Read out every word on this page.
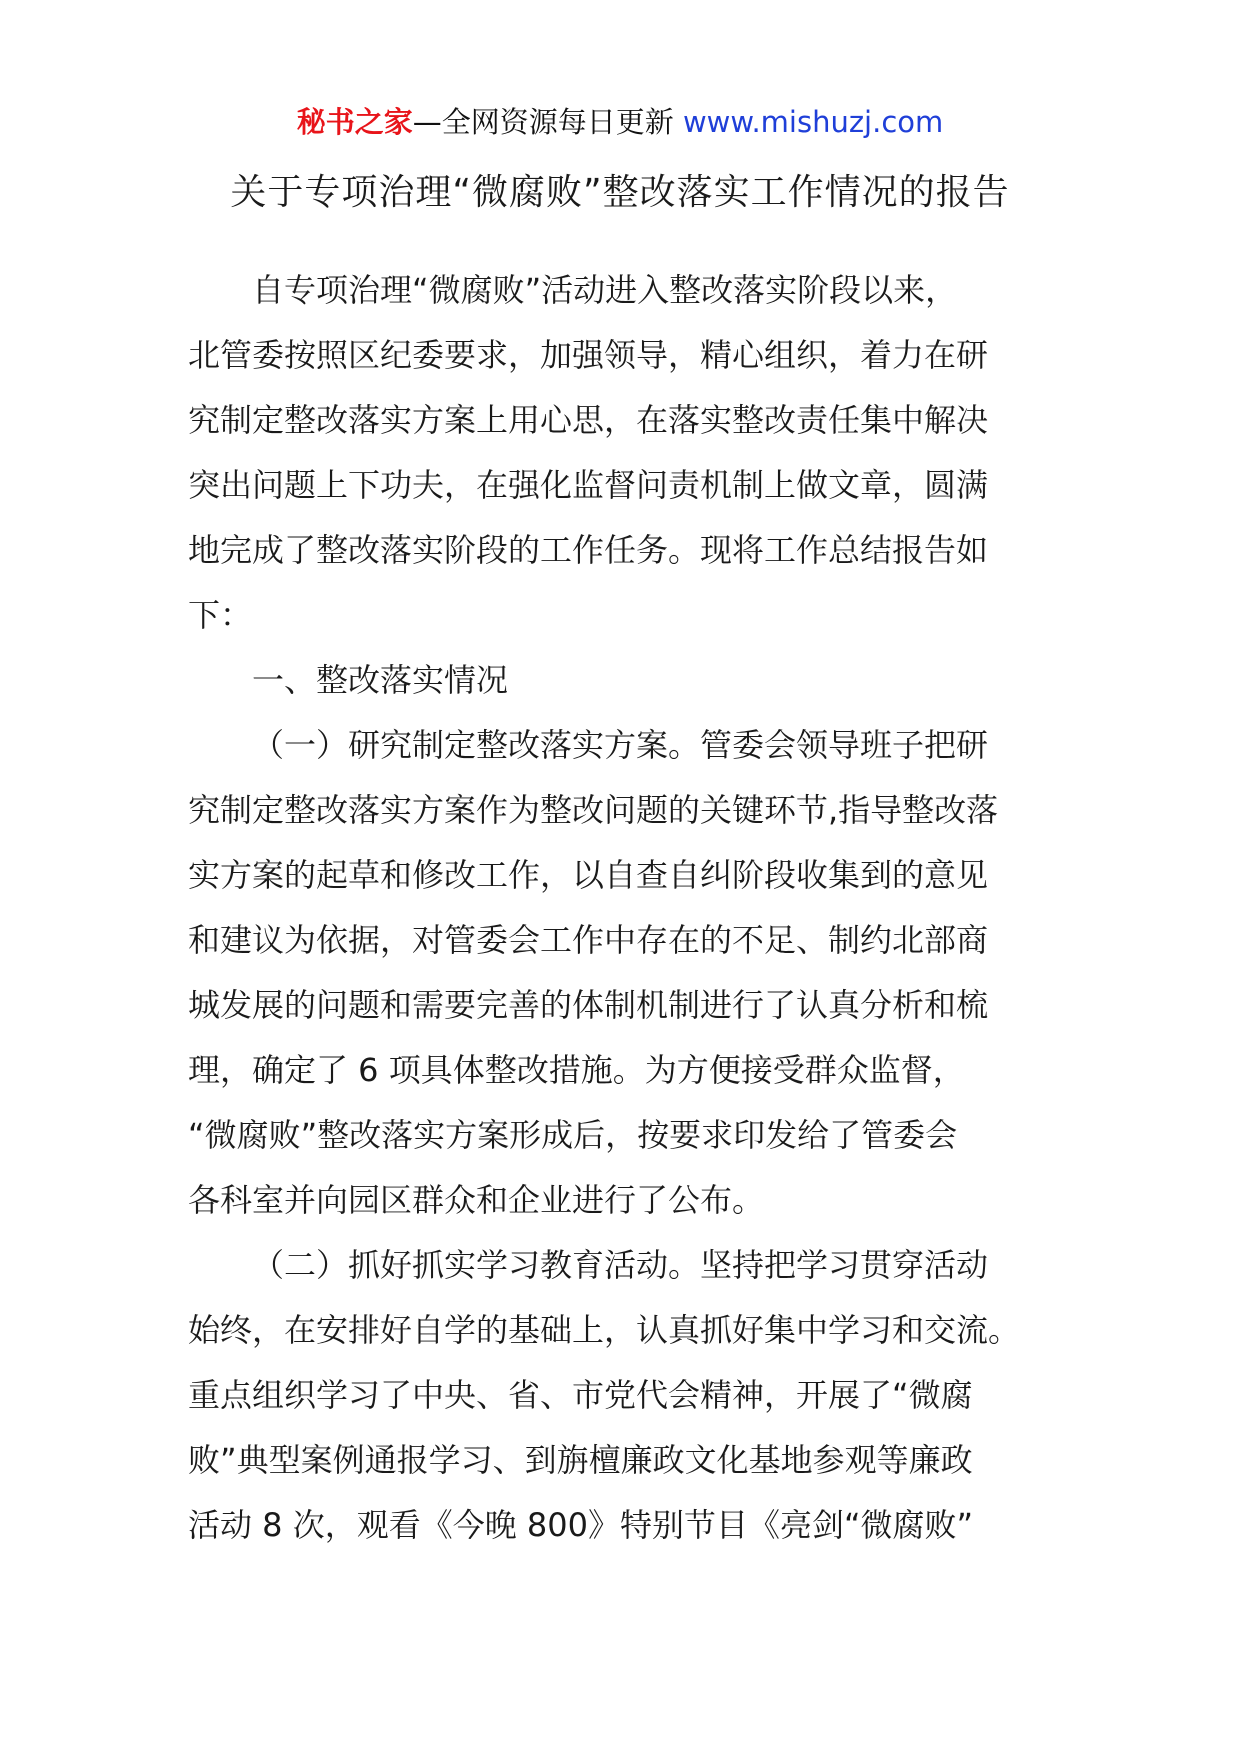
秘书之家—全网资源每日更新 www.mishuzj.com
关于专项治理“微腐败”整改落实工作情况的报告
自专项治理“微腐败”活动进入整改落实阶段以来，
北管委按照区纪委要求，加强领导，精心组织，着力在研
究制定整改落实方案上用心思，在落实整改责任集中解决
突出问题上下功夫，在强化监督问责机制上做文章，圆满
地完成了整改落实阶段的工作任务。现将工作总结报告如
下：
一、整改落实情况
（一）研究制定整改落实方案。管委会领导班子把研
究制定整改落实方案作为整改问题的关键环节,指导整改落
实方案的起草和修改工作，以自查自纠阶段收集到的意见
和建议为依据，对管委会工作中存在的不足、制约北部商
城发展的问题和需要完善的体制机制进行了认真分析和梳
理，确定了 6 项具体整改措施。为方便接受群众监督，
“微腐败”整改落实方案形成后，按要求印发给了管委会
各科室并向园区群众和企业进行了公布。
（二）抓好抓实学习教育活动。坚持把学习贯穿活动
始终，在安排好自学的基础上，认真抓好集中学习和交流。
重点组织学习了中央、省、市党代会精神，开展了“微腐
败”典型案例通报学习、到旃檀廉政文化基地参观等廉政
活动 8 次，观看《今晚 800》特别节目《亮剑“微腐败”
